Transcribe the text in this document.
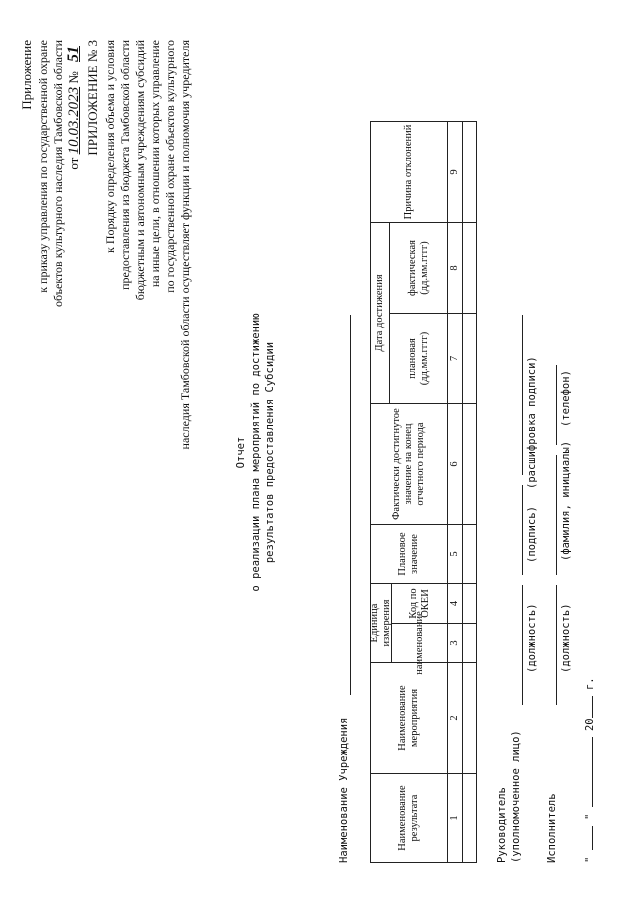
Приложение к приказу управления по государственной охране объектов культурного наследия Тамбовской области от 10.03.2023 № 51 ПРИЛОЖЕНИЕ № 3 к Порядку определения объема и условия предоставления из бюджета Тамбовской области бюджетным и автономным учреждениям субсидий на иные цели, в отношении которых управление по государственной охране объектов культурного наследия Тамбовской области осуществляет функции и полномочия учредителя
Отчет о реализации плана мероприятий по достижению результатов предоставления Субсидии
Наименование Учреждения	Наименование результата
Наименование мероприятия
Единица измерения	наименование
Код по ОКЕИ
Плановое значение
Фактически достигнутое значение на конец отчетного периода
Дата достижения
плановая (дд.мм.гггг)
фактическая (дд.мм.гггг)
Причина отклонений
1
2
3
4
5
6
7
8
9
Руководитель (уполномоченное лицо)
(должность)
(подпись)
(расшифровка подписи)
Исполнитель
(должность)
(фамилия, инициалы)
(телефон)
"  "  20 г.
